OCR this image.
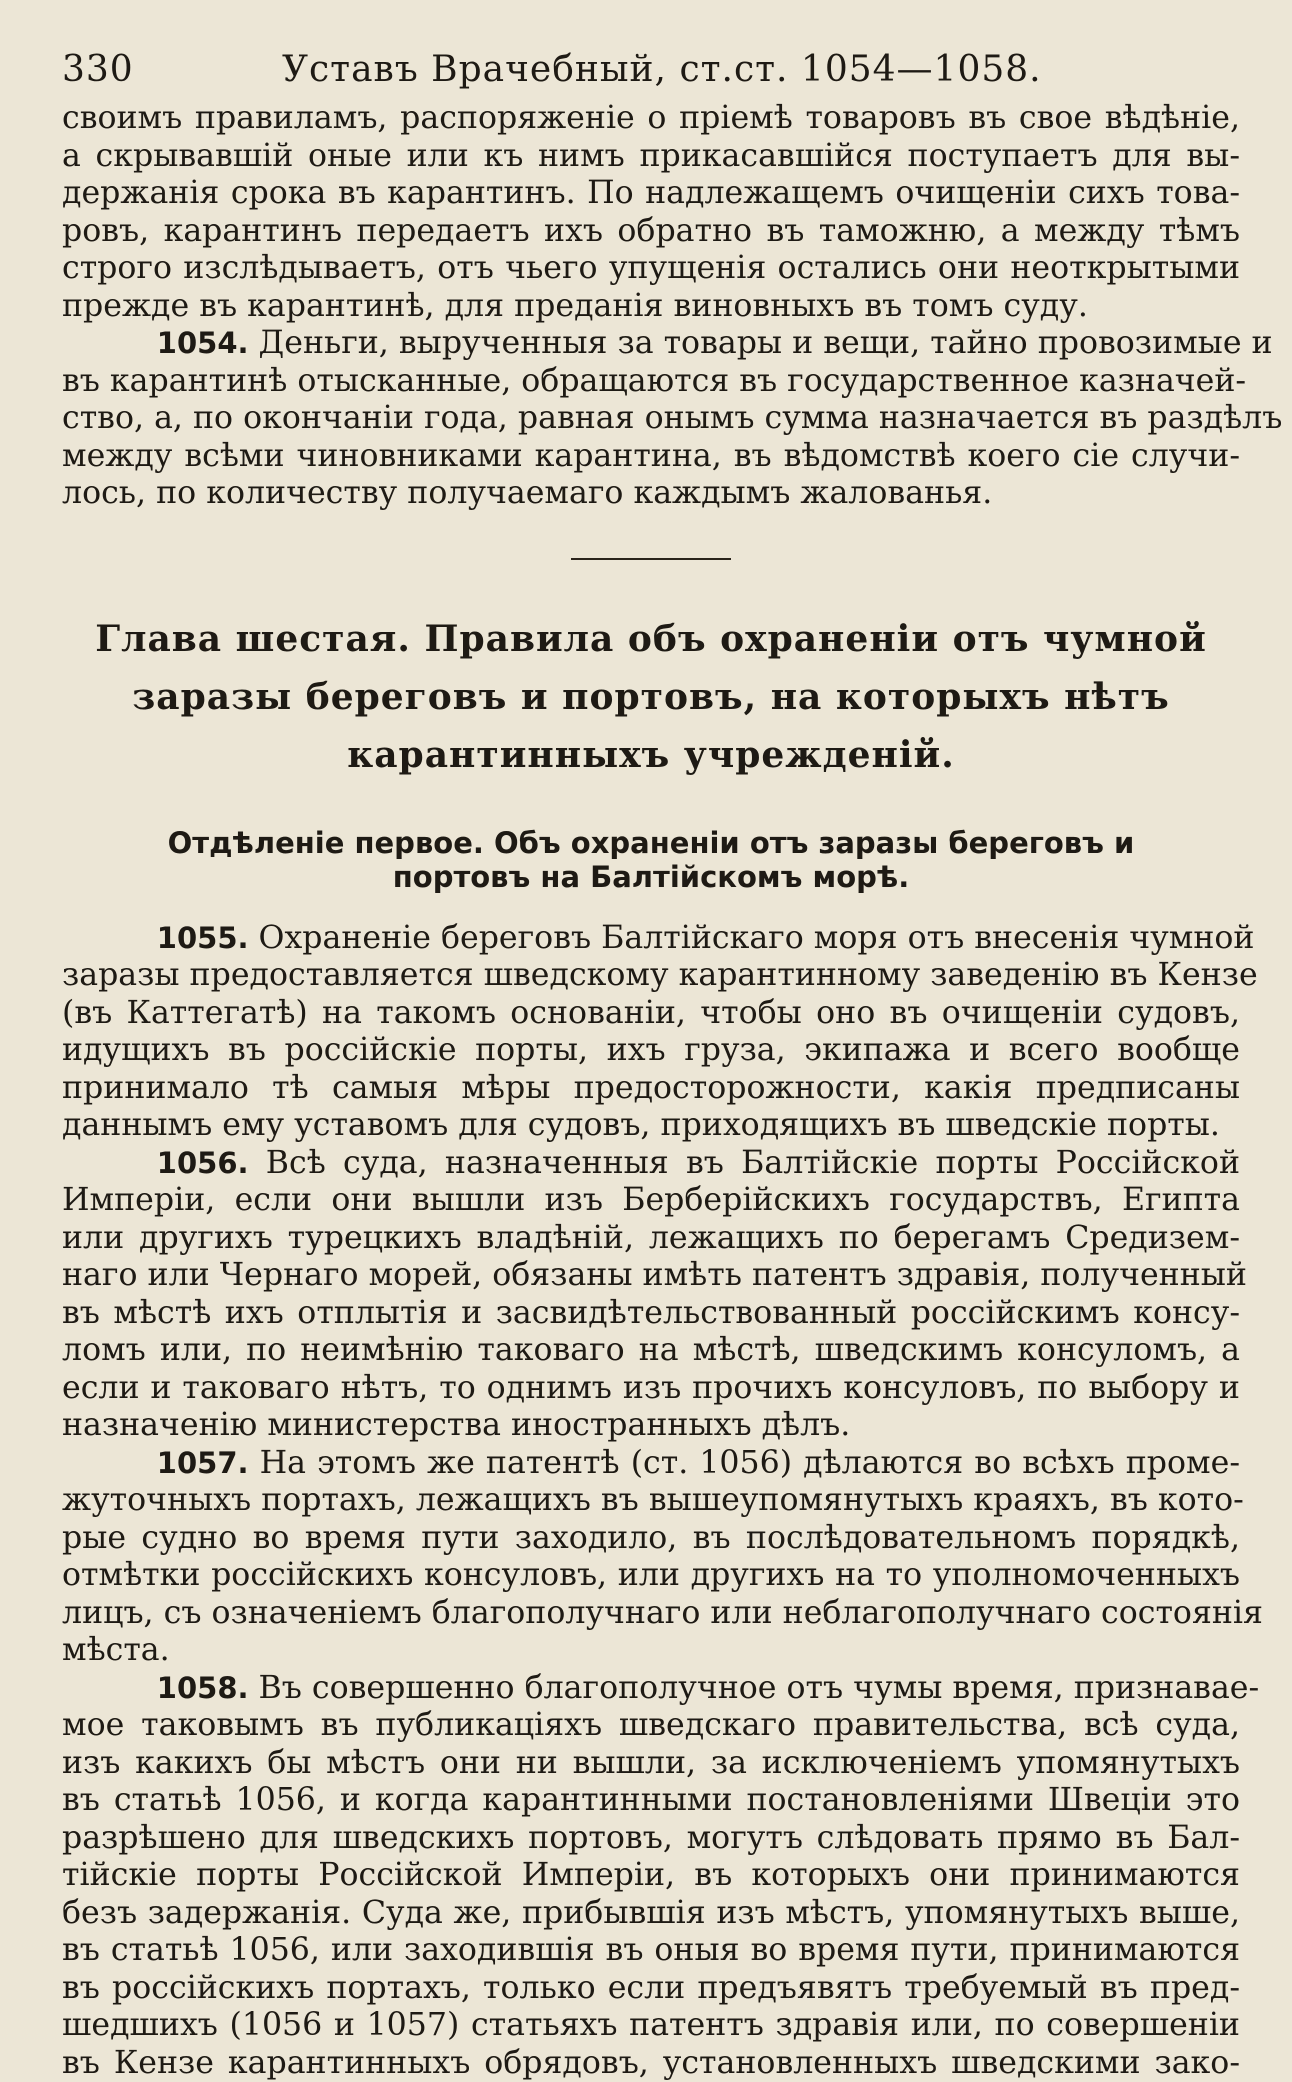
330	Уставъ Врачебный, ст.ст. 1054—1058.
своимъ правиламъ, распоряженіе о пріемѣ товаровъ въ свое вѣдѣніе,
а скрывавшій оные или къ нимъ прикасавшійся поступаетъ для вы-
держанія срока въ карантинъ. По надлежащемъ очищеніи сихъ това-
ровъ, карантинъ передаетъ ихъ обратно въ таможню, а между тѣмъ
строго изслѣдываетъ, отъ чьего упущенія остались они неоткрытыми
прежде въ карантинѣ, для преданія виновныхъ въ томъ суду.
   1054. Деньги, вырученныя за товары и вещи, тайно провозимые и
въ карантинѣ отысканные, обращаются въ государственное казначей-
ство, а, по окончаніи года, равная онымъ сумма назначается въ раздѣлъ
между всѣми чиновниками карантина, въ вѣдомствѣ коего сіе случи-
лось, по количеству получаемаго каждымъ жалованья.
Глава шестая. Правила объ охраненіи отъ чумной
заразы береговъ и портовъ, на которыхъ нѣтъ
карантинныхъ учрежденій.
Отдѣленіе первое. Объ охраненіи отъ заразы береговъ и
портовъ на Балтійскомъ морѣ.
   1055. Охраненіе береговъ Балтійскаго моря отъ внесенія чумной
заразы предоставляется шведскому карантинному заведенію въ Кензе
(въ Каттегатѣ) на такомъ основаніи, чтобы оно въ очищеніи судовъ,
идущихъ въ россійскіе порты, ихъ груза, экипажа и всего вообще
принимало тѣ самыя мѣры предосторожности, какія предписаны
даннымъ ему уставомъ для судовъ, приходящихъ въ шведскіе порты.
   1056. Всѣ суда, назначенныя въ Балтійскіе порты Россійской
Имперіи, если они вышли изъ Берберійскихъ государствъ, Египта
или другихъ турецкихъ владѣній, лежащихъ по берегамъ Средизем-
наго или Чернаго морей, обязаны имѣть патентъ здравія, полученный
въ мѣстѣ ихъ отплытія и засвидѣтельствованный россійскимъ консу-
ломъ или, по неимѣнію таковаго на мѣстѣ, шведскимъ консуломъ, а
если и таковаго нѣтъ, то однимъ изъ прочихъ консуловъ, по выбору и
назначенію министерства иностранныхъ дѣлъ.
   1057. На этомъ же патентѣ (ст. 1056) дѣлаются во всѣхъ проме-
жуточныхъ портахъ, лежащихъ въ вышеупомянутыхъ краяхъ, въ кото-
рые судно во время пути заходило, въ послѣдовательномъ порядкѣ,
отмѣтки россійскихъ консуловъ, или другихъ на то уполномоченныхъ
лицъ, съ означеніемъ благополучнаго или неблагополучнаго состоянія
мѣста.
   1058. Въ совершенно благополучное отъ чумы время, признавае-
мое таковымъ въ публикаціяхъ шведскаго правительства, всѣ суда,
изъ какихъ бы мѣстъ они ни вышли, за исключеніемъ упомянутыхъ
въ статьѣ 1056, и когда карантинными постановленіями Швеціи это
разрѣшено для шведскихъ портовъ, могутъ слѣдовать прямо въ Бал-
тійскіе порты Россійской Имперіи, въ которыхъ они принимаются
безъ задержанія. Суда же, прибывшія изъ мѣстъ, упомянутыхъ выше,
въ статьѣ 1056, или заходившія въ оныя во время пути, принимаются
въ россійскихъ портахъ, только если предъявятъ требуемый въ пред-
шедшихъ (1056 и 1057) статьяхъ патентъ здравія или, по совершеніи
въ Кензе карантинныхъ обрядовъ, установленныхъ шведскими зако-
